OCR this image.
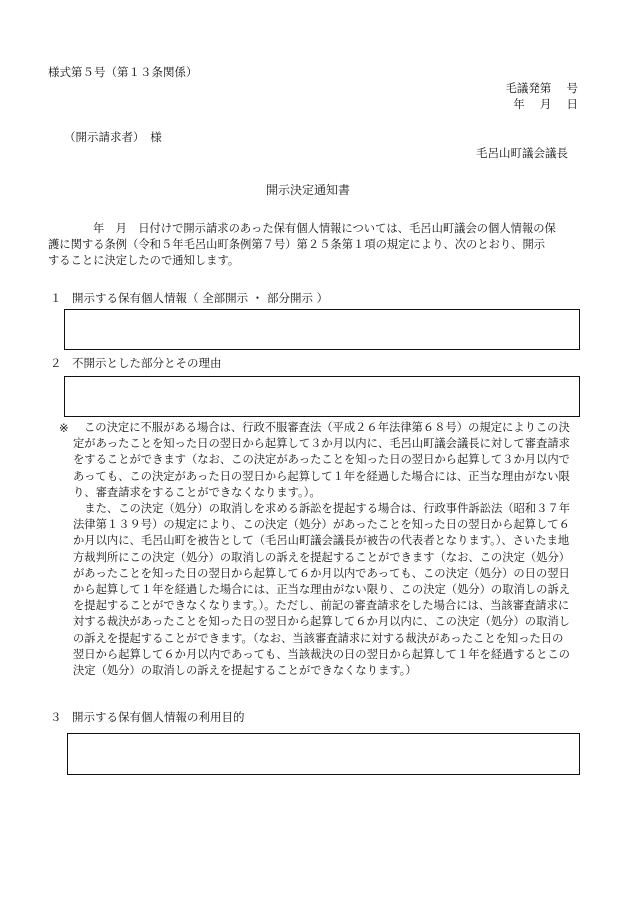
様式第５号（第１３条関係）
毛議発第　 号
年　 月　 日
（開示請求者）　様
毛呂山町議会議長
開示決定通知書
年　月　日付けで開示請求のあった保有個人情報については、毛呂山町議会の個人情報の保
護に関する条例（令和５年毛呂山町条例第７号）第２５条第１項の規定により、次のとおり、開示
することに決定したので通知します。
１ 開示する保有個人情報（ 全部開示 ・ 部分開示 ）
２ 不開示とした部分とその理由
※	この決定に不服がある場合は、行政不服審査法（平成２６年法律第６８号）の規定によりこの決
定があったことを知った日の翌日から起算して３か月以内に、毛呂山町議会議長に対して審査請求
をすることができます（なお、この決定があったことを知った日の翌日から起算して３か月以内で
あっても、この決定があった日の翌日から起算して１年を経過した場合には、正当な理由がない限
り、審査請求をすることができなくなります。）。
　また、この決定（処分）の取消しを求める訴訟を提起する場合は、行政事件訴訟法（昭和３７年
法律第１３９号）の規定により、この決定（処分）があったことを知った日の翌日から起算して６
か月以内に、毛呂山町を被告として（毛呂山町議会議長が被告の代表者となります。）、さいたま地
方裁判所にこの決定（処分）の取消しの訴えを提起することができます（なお、この決定（処分）
があったことを知った日の翌日から起算して６か月以内であっても、この決定（処分）の日の翌日
から起算して１年を経過した場合には、正当な理由がない限り、この決定（処分）の取消しの訴え
を提起することができなくなります。）。ただし、前記の審査請求をした場合には、当該審査請求に
対する裁決があったことを知った日の翌日から起算して６か月以内に、この決定（処分）の取消し
の訴えを提起することができます。（なお、当該審査請求に対する裁決があったことを知った日の
翌日から起算して６か月以内であっても、当該裁決の日の翌日から起算して１年を経過するとこの
決定（処分）の取消しの訴えを提起することができなくなります。）
３ 開示する保有個人情報の利用目的
